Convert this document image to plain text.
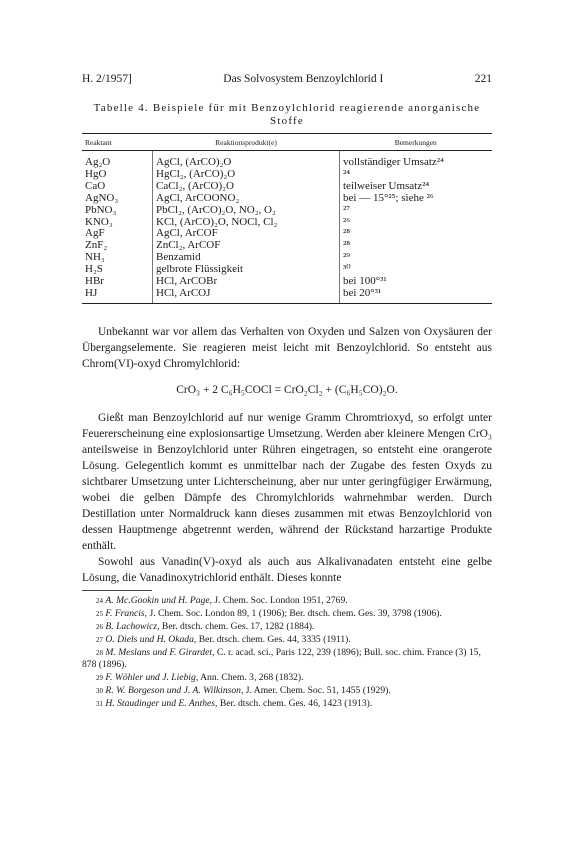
H. 2/1957]	Das Solvosystem Benzoylchlorid I	221
Tabelle 4. Beispiele für mit Benzoylchlorid reagierende anorganische Stoffe
Reaktant	Reaktionsprodukt(e)	Bemerkungen
Ag₂O	AgCl, (ArCO)₂O	vollständiger Umsatz²⁴
HgO	HgCl₂, (ArCO)₂O	²⁴
CaO	CaCl₂, (ArCO)₂O	teilweiser Umsatz²⁴
AgNO₃	AgCl, ArCOONO₂	bei — 15°²⁵; siehe ²⁶
PbNO₃	PbCl₂, (ArCO)₂O, NO₂, O₂	²⁷
KNO₃	KCl, (ArCO)₂O, NOCl, Cl₂	²⁶
AgF	AgCl, ArCOF	²⁸
ZnF₂	ZnCl₂, ArCOF	²⁸
NH₃	Benzamid	²⁹
H₂S	gelbrote Flüssigkeit	³⁰
HBr	HCl, ArCOBr	bei 100°³¹
HJ	HCl, ArCOJ	bei 20°³¹

Unbekannt war vor allem das Verhalten von Oxyden und Salzen von Oxysäuren der Übergangselemente. Sie reagieren meist leicht mit Benzoylchlorid. So entsteht aus Chrom(VI)-oxyd Chromylchlorid:

CrO₃ + 2 C₆H₅COCl = CrO₂Cl₂ + (C₆H₅CO)₂O.

Gießt man Benzoylchlorid auf nur wenige Gramm Chromtrioxyd, so erfolgt unter Feuererscheinung eine explosionsartige Umsetzung. Werden aber kleinere Mengen CrO₃ anteilsweise in Benzoylchlorid unter Rühren eingetragen, so entsteht eine orangerote Lösung. Gelegentlich kommt es unmittelbar nach der Zugabe des festen Oxyds zu sichtbarer Umsetzung unter Lichterscheinung, aber nur unter geringfügiger Erwärmung, wobei die gelben Dämpfe des Chromylchlorids wahrnehmbar werden. Durch Destillation unter Normaldruck kann dieses zusammen mit etwas Benzoylchlorid von dessen Hauptmenge abgetrennt werden, während der Rückstand harzartige Produkte enthält.

Sowohl aus Vanadin(V)-oxyd als auch aus Alkalivanadaten entsteht eine gelbe Lösung, die Vanadinoxytrichlorid enthält. Dieses konnte

24 A. Mc.Gookin und H. Page, J. Chem. Soc. London 1951, 2769.

25 F. Francis, J. Chem. Soc. London 89, 1 (1906); Ber. dtsch. chem. Ges. 39, 3798 (1906).

26 B. Lachowicz, Ber. dtsch. chem. Ges. 17, 1282 (1884).

27 O. Diels und H. Okada, Ber. dtsch. chem. Ges. 44, 3335 (1911).

28 M. Meslans und F. Girardet, C. r. acad. sci., Paris 122, 239 (1896); Bull. soc. chim. France (3) 15, 878 (1896).

29 F. Wöhler und J. Liebig, Ann. Chem. 3, 268 (1832).

30 R. W. Borgeson und J. A. Wilkinson, J. Amer. Chem. Soc. 51, 1455 (1929).

31 H. Staudinger und E. Anthes, Ber. dtsch. chem. Ges. 46, 1423 (1913).
